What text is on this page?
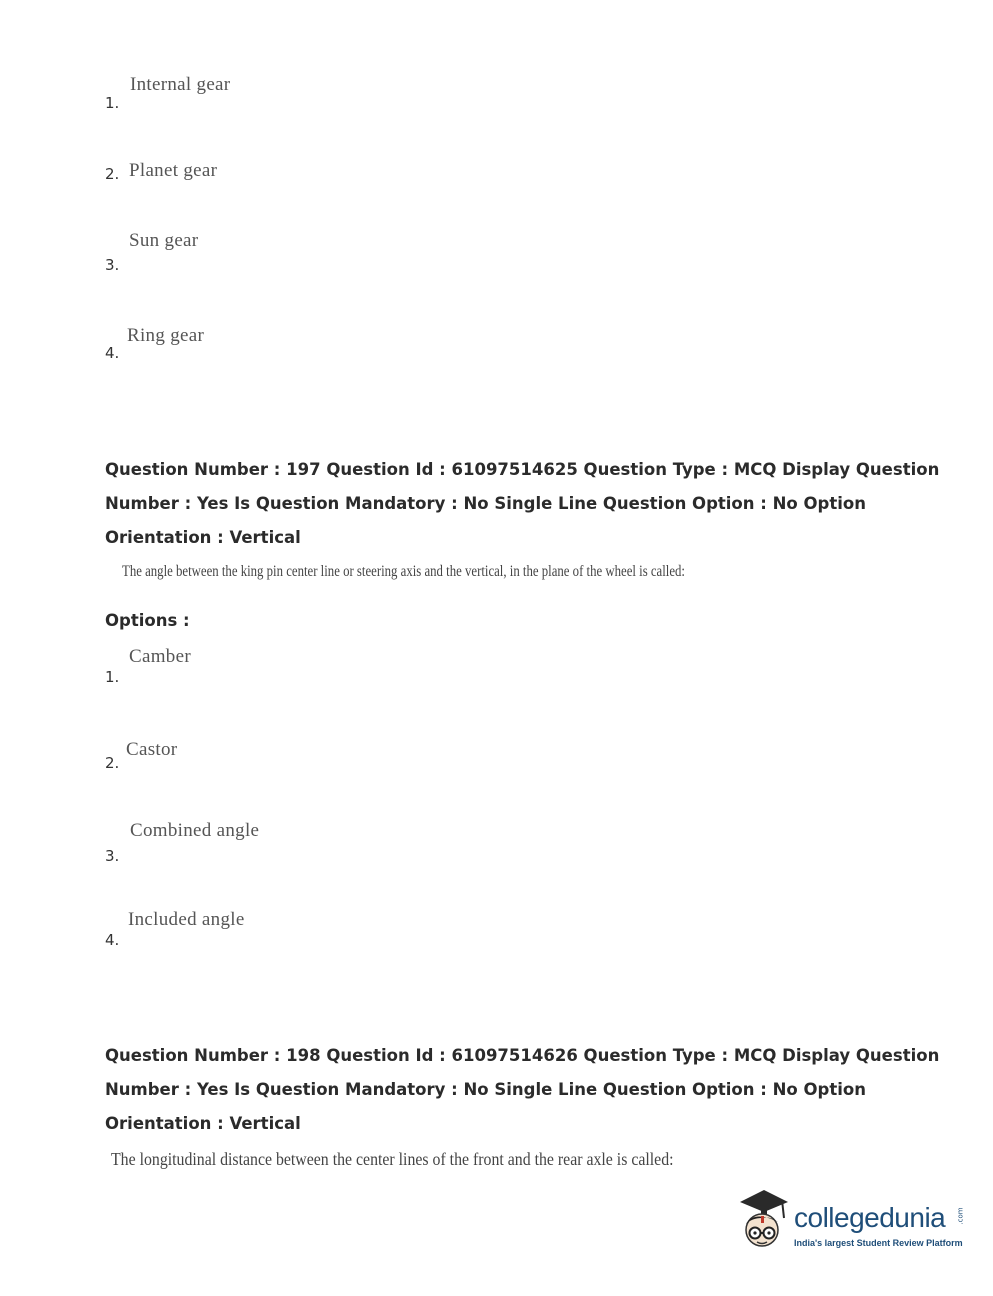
Internal gear
1.
Planet gear
2.
Sun gear
3.
Ring gear
4.
Question Number : 197 Question Id : 61097514625 Question Type : MCQ Display Question
Number : Yes Is Question Mandatory : No Single Line Question Option : No Option
Orientation : Vertical
The angle between the king pin center line or steering axis and the vertical, in the plane of the wheel is called:
Options :
Camber
1.
Castor
2.
Combined angle
3.
Included angle
4.
Question Number : 198 Question Id : 61097514626 Question Type : MCQ Display Question
Number : Yes Is Question Mandatory : No Single Line Question Option : No Option
Orientation : Vertical
The longitudinal distance between the center lines of the front and the rear axle is called:
collegedunia .com
India's largest Student Review Platform
